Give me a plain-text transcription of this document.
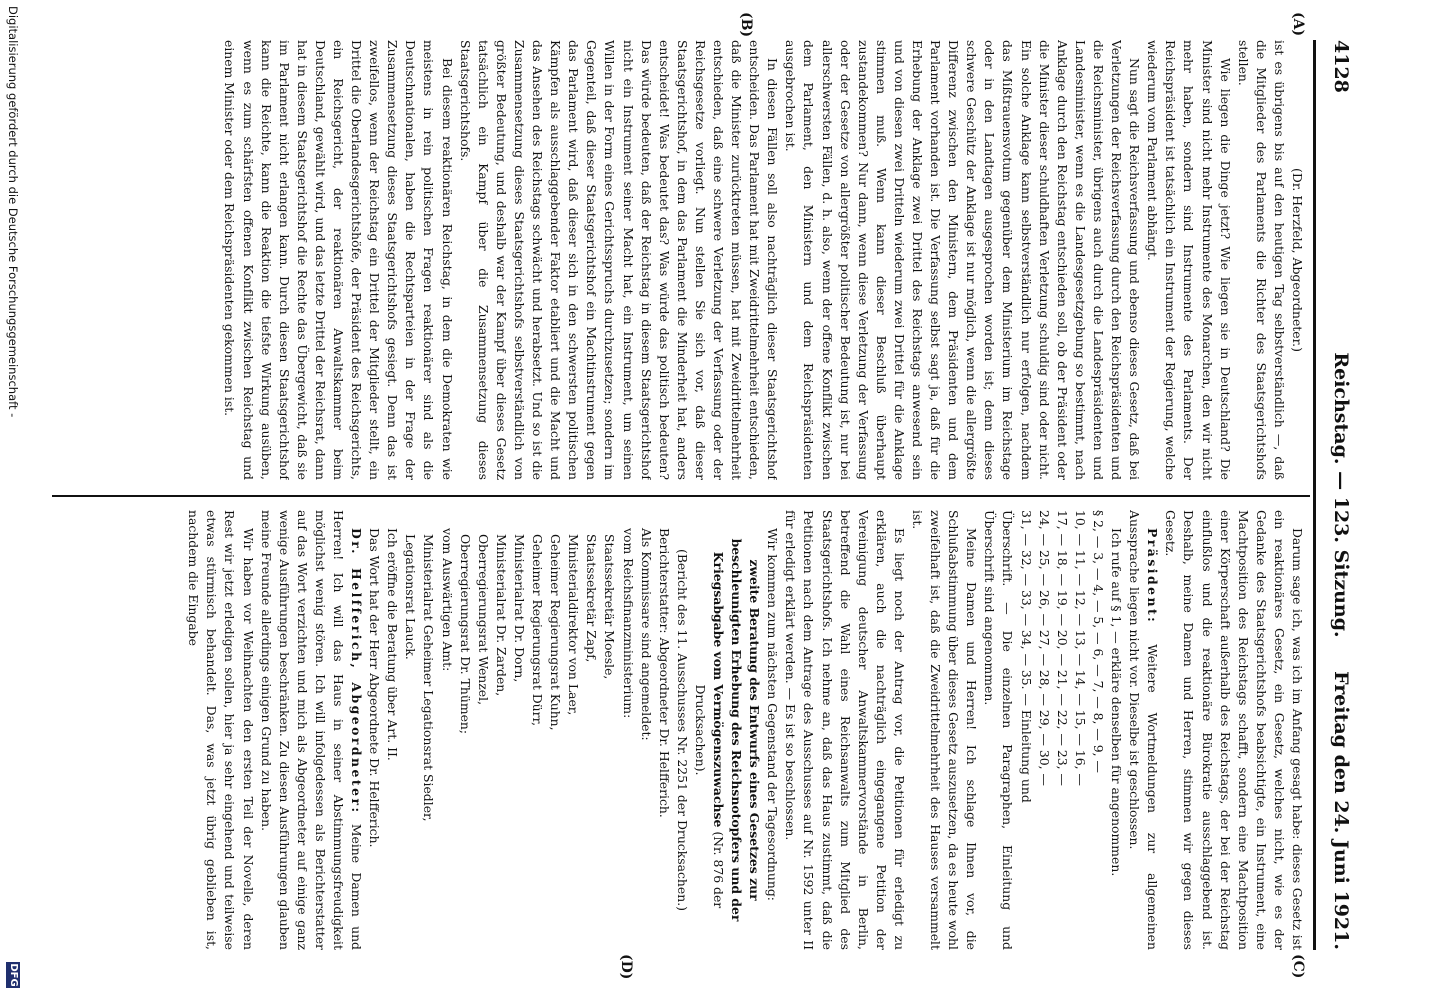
4128
Reichstag. — 123. Sitzung.
Freitag den 24. Juni 1921.
(A)
(B)
(C)
(D)

(Dr. Herzfeld, Abgeordneter.)

ist es übrigens bis auf den heutigen Tag selbstverständlich —, daß die Mitglieder des Parlaments die Richter des Staatsgerichtshofs stellen.

Wie liegen die Dinge jetzt? Wie liegen sie in Deutschland? Die Minister sind nicht mehr Instrumente des Monarchen, den wir nicht mehr haben, sondern sind Instrumente des Parlaments. Der Reichspräsident ist tatsächlich ein Instrument der Regierung, welche wiederum vom Parlament abhängt.

Nun sagt die Reichsverfassung und ebenso dieses Gesetz, daß bei Verletzungen der Reichsverfassung durch den Reichspräsidenten und die Reichsminister, übrigens auch durch die Landespräsidenten und Landesminister, wenn es die Landesgesetzgebung so bestimmt, nach Anklage durch den Reichstag entschieden soll, ob der Präsident oder die Minister dieser schuldhaften Verletzung schuldig sind oder nicht. Ein solche Anklage kann selbstverständlich nur erfolgen, nachdem das Mißtrauensvotum gegenüber dem Ministerium im Reichstage oder in den Landtagen ausgesprochen worden ist; denn dieses schwere Geschütz der Anklage ist nur möglich, wenn die allergrößte Differenz zwischen den Ministern, dem Präsidenten und dem Parlament vorhanden ist. Die Verfassung selbst sagt ja, daß für die Erhebung der Anklage zwei Drittel des Reichstags anwesend sein und von diesen zwei Dritteln wiederum zwei Drittel für die Anklage stimmen muß. Wenn kann dieser Beschluß überhaupt zustandekommen? Nur dann, wenn diese Verletzung der Verfassung oder der Gesetze von allergrößter politischer Bedeutung ist, nur bei allerschwersten Fällen, d. h. also, wenn der offene Konflikt zwischen dem Parlament, den Ministern und dem Reichspräsidenten ausgebrochen ist.

In diesen Fällen soll also nachträglich dieser Staatsgerichtshof entscheiden. Das Parlament hat mit Zweidrittelmehrheit entschieden, daß die Minister zurücktreten müssen, hat mit Zweidrittelmehrheit entschieden, daß eine schwere Verletzung der Verfassung oder der Reichsgesetze vorliegt. Nun stellen Sie sich vor, daß dieser Staatsgerichtshof, in dem das Parlament die Minderheit hat, anders entscheidet! Was bedeutet das? Was würde das politisch bedeuten? Das würde bedeuten, daß der Reichstag in diesem Staatsgerichtshof nicht ein Instrument seiner Macht hat, ein Instrument, um seinen Willen in der Form eines Gerichtsspruchs durchzusetzen; sondern im Gegenteil, daß dieser Staatsgerichtshof ein Machtinstrument gegen das Parlament wird, daß dieser sich in den schwersten politischen Kämpfen als ausschlaggebender Faktor etabliert und die Macht und das Ansehen des Reichstags schwächt und herabsetzt. Und so ist die Zusammensetzung dieses Staatsgerichtshofs selbstverständlich von größter Bedeutung, und deshalb war der Kampf über dieses Gesetz tatsächlich ein Kampf über die Zusammensetzung dieses Staatsgerichtshofs.

Bei diesem reaktionären Reichstag, in dem die Demokraten wie meistens in rein politischen Fragen reaktionärer sind als die Deutschnationalen, haben die Rechtsparteien in der Frage der Zusammensetzung dieses Staatsgerichtshofs gesiegt. Denn das ist zweifellos, wenn der Reichstag ein Drittel der Mitglieder stellt, ein Drittel die Oberlandesgerichtshöfe, der Präsident des Reichsgerichts, ein Reichsgericht, der reaktionären Anwaltskammer beim Deutschland, gewählt wird, und das letzte Drittel der Reichsrat, dann hat in diesem Staatsgerichtshof die Rechte das Übergewicht, daß sie im Parlament nicht erlangen kann. Durch diesen Staatsgerichtshof kann die Reichte, kann die Reaktion die tiefste Wirkung ausüben, wenn es zum schärfsten offenen Konflikt zwischen Reichstag und einem Minister oder dem Reichspräsidenten gekommen ist.

Darum sage ich, was ich im Anfang gesagt habe: dieses Gesetz ist ein reaktionäres Gesetz, ein Gesetz, welches nicht, wie es der Gedanke des Staatsgerichtshofs beabsichtigte, ein Instrument, eine Machtposition des Reichstags schafft, sondern eine Machtposition einer Körperschaft außerhalb des Reichstags, der bei der Reichstag einflußlos und die reaktionäre Bürokratie ausschlaggebend ist. Deshalb, meine Damen und Herren, stimmen wir gegen dieses Gesetz.

Präsident: Weitere Wortmeldungen zur allgemeinen Aussprache liegen nicht vor. Dieselbe ist geschlossen.

Ich rufe auf § 1, — erkläre denselben für angenommen.

§ 2, — 3, — 4, — 5, — 6, — 7, — 8, — 9, —

10, — 11, — 12, — 13, — 14, — 15, — 16, —

17, — 18, — 19, — 20, — 21, — 22, — 23, —

24, — 25, — 26, — 27, — 28, — 29, — 30, —

31, — 32, — 33, — 34, — 35. — Einleitung und

Überschrift. — Die einzelnen Paragraphen, Einleitung und Überschrift sind angenommen.

Meine Damen und Herren! Ich schlage Ihnen vor, die Schlußabstimmung über dieses Gesetz auszusetzen, da es heute wohl zweifelhaft ist, daß die Zweidrittelmehrheit des Hauses versammelt ist.

Es liegt noch der Antrag vor, die Petitionen für erledigt zu erklären, auch die nachträglich eingegangene Petition der Vereinigung deutscher Anwaltskammervorstände in Berlin, betreffend die Wahl eines Reichsanwalts zum Mitglied des Staatsgerichtshofs. Ich nehme an, daß das Haus zustimmt, daß die Petitionen nach dem Antrage des Ausschusses auf Nr. 1592 unter II für erledigt erklärt werden. — Es ist so beschlossen.

Wir kommen zum nächsten Gegenstand der Tagesordnung:

zweite Beratung des Entwurfs eines Gesetzes zur beschleunigten Erhebung des Reichsnotopfers und der Kriegsabgabe vom Vermögenszuwachse (Nr. 876 der Drucksachen).

(Bericht des 11. Ausschusses Nr. 2251 der Drucksachen.)

Berichterstatter: Abgeordneter Dr. Helfferich.

Als Kommissare sind angemeldet:

vom Reichsfinanzministerium:

Staatssekretär Moesle,

Staatssekretär Zapf,

Ministerialdirektor von Laer,

Geheimer Regierungsrat Kuhn,

Geheimer Regierungsrat Dürr,

Ministerialrat Dr. Dorn,

Ministerialrat Dr. Zarden,

Oberregierungsrat Wenzel,

Oberregierungsrat Dr. Thümen;

vom Auswärtigen Amt:

Ministerialrat Geheimer Legationsrat Siedler,

Legationsrat Lauck.

Ich eröffne die Beratung über Art. II.

Das Wort hat der Herr Abgeordnete Dr. Helfferich.

Dr. Helfferich, Abgeordneter: Meine Damen und Herren! Ich will das Haus in seiner Abstimmungsfreudigkeit möglichst wenig stören. Ich will infolgedessen als Berichterstatter auf das Wort verzichten und mich als Abgeordneter auf einige ganz wenige Ausführungen beschränken. Zu diesen Ausführungen glauben meine Freunde allerdings einigen Grund zu haben.

Wir haben vor Weihnachten den ersten Teil der Novelle, deren Rest wir jetzt erledigen sollen, hier ja sehr eingehend und teilweise etwas stürmisch behandelt. Das, was jetzt übrig geblieben ist, nachdem die Eingabe

Digitalisierung gefördert durch die Deutsche Forschungsgemeinschaft -
DFG
